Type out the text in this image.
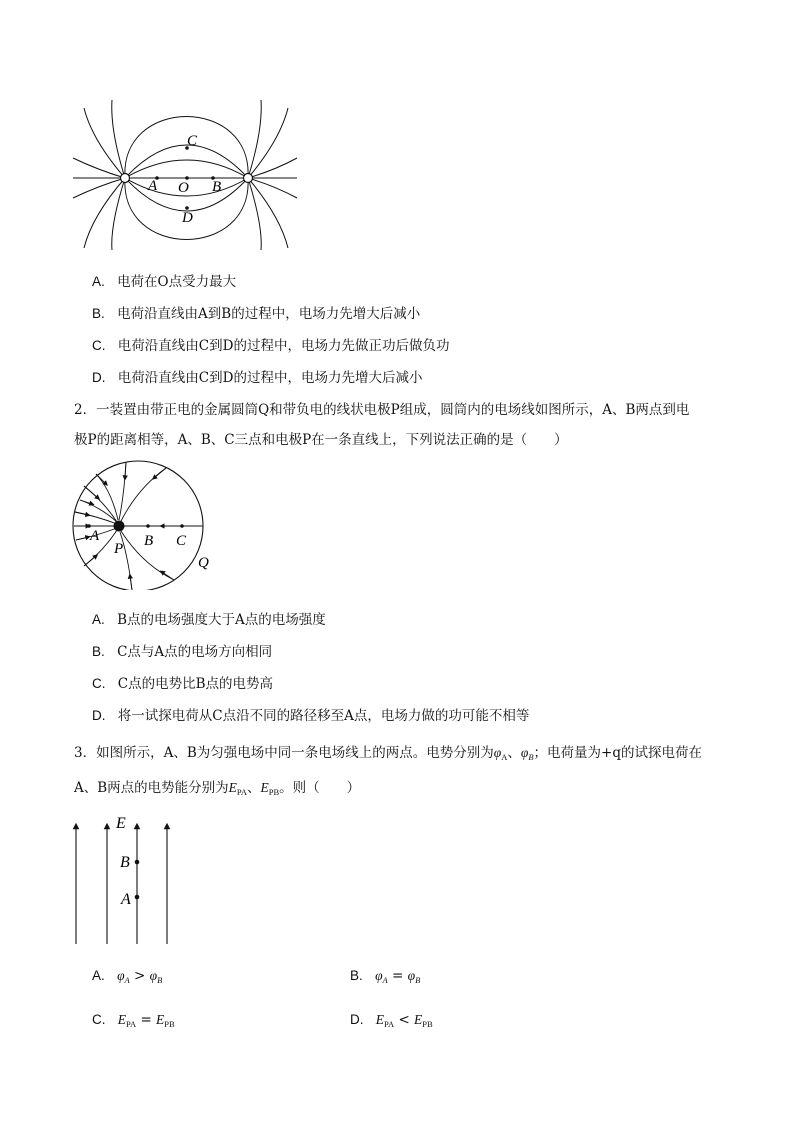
C
A O B
D
A. 电荷在O点受力最大
B. 电荷沿直线由A到B的过程中，电场力先增大后减小
C. 电荷沿直线由C到D的过程中，电场力先做正功后做负功
D. 电荷沿直线由C到D的过程中，电场力先增大后减小
2．一装置由带正电的金属圆筒Q和带负电的线状电极P组成，圆筒内的电场线如图所示，A、B两点到电
极P的距离相等，A、B、C三点和电极P在一条直线上，下列说法正确的是（　　）
A
P B C
Q
A. B点的电场强度大于A点的电场强度
B. C点与A点的电场方向相同
C. C点的电势比B点的电势高
D. 将一试探电荷从C点沿不同的路径移至A点，电场力做的功可能不相等
3．如图所示，A、B为匀强电场中同一条电场线上的两点。电势分别为$\varphi_A$、$\varphi_B$；电荷量为+q的试探电荷在
A、B两点的电势能分别为$E_{PA}$、$E_{PB}$。则（　　）
E
B
A
A. $\varphi_A > \varphi_B$	B. $\varphi_A = \varphi_B$
C. $E_{PA} = E_{PB}$	D. $E_{PA} < E_{PB}$
